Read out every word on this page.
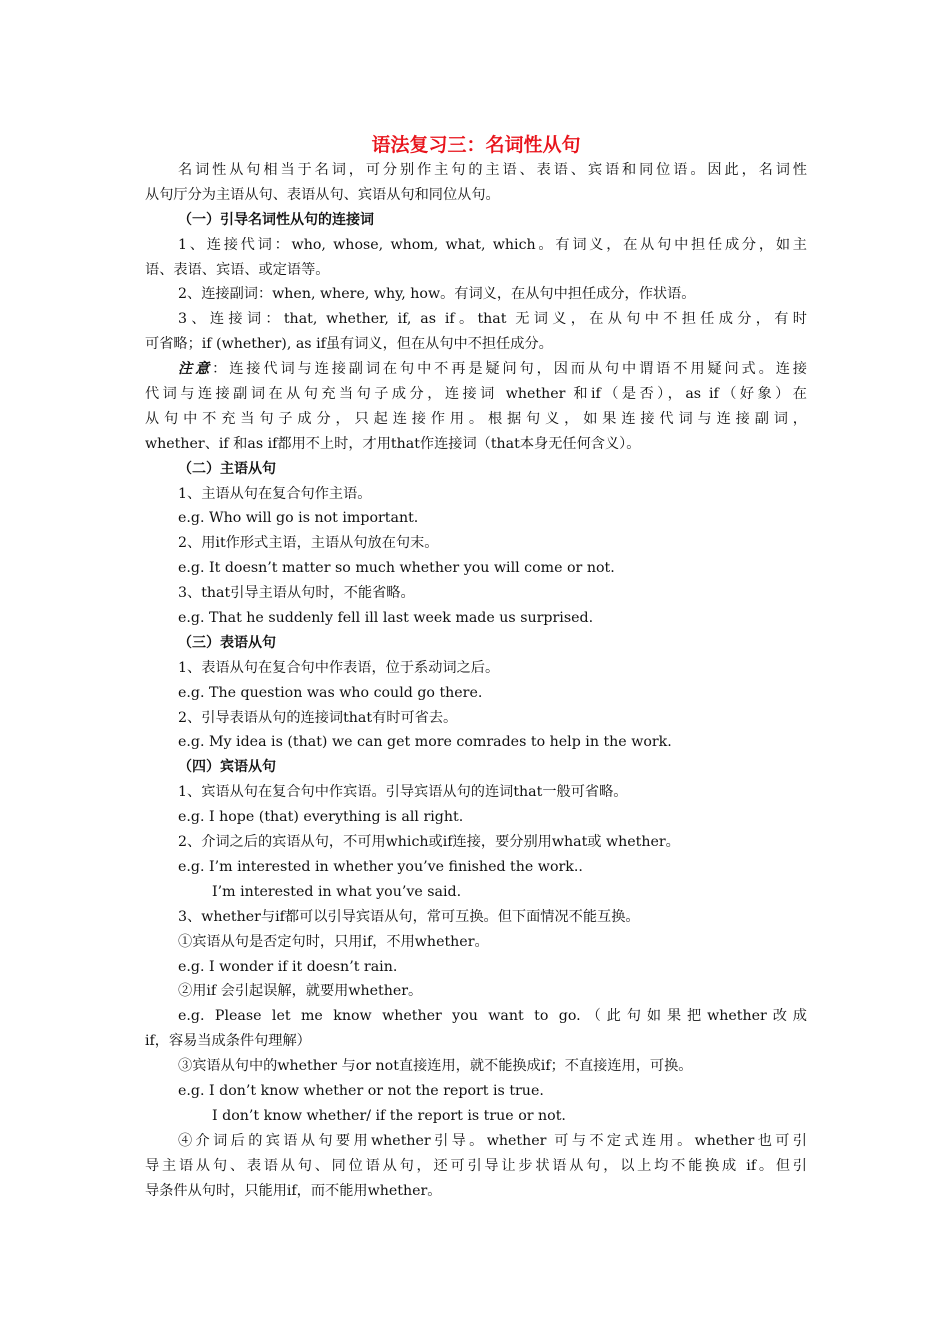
语法复习三：名词性从句
名词性从句相当于名词，可分别作主句的主语、表语、宾语和同位语。因此，名词性
从句厅分为主语从句、表语从句、宾语从句和同位从句。
（一）引导名词性从句的连接词
1、连接代词：who, whose, whom, what, which。有词义，在从句中担任成分，如主
语、表语、宾语、或定语等。
2、连接副词：when, where, why, how。有词义，在从句中担任成分，作状语。
3、连接词：that, whether, if, as if。that 无词义，在从句中不担任成分，有时
可省略；if (whether), as if虽有词义，但在从句中不担任成分。
注意：连接代词与连接副词在句中不再是疑问句，因而从句中谓语不用疑问式。连接
代词与连接副词在从句充当句子成分，连接词 whether 和if（是否），as if（好象）在
从句中不充当句子成分，只起连接作用。根据句义，如果连接代词与连接副词，
whether、if 和as if都用不上时，才用that作连接词（that本身无任何含义）。
（二）主语从句
1、主语从句在复合句作主语。
e.g. Who will go is not important.
2、用it作形式主语，主语从句放在句末。
e.g. It doesn’t matter so much whether you will come or not.
3、that引导主语从句时，不能省略。
e.g. That he suddenly fell ill last week made us surprised.
（三）表语从句
1、表语从句在复合句中作表语，位于系动词之后。
e.g. The question was who could go there.
2、引导表语从句的连接词that有时可省去。
e.g. My idea is (that) we can get more comrades to help in the work.
（四）宾语从句
1、宾语从句在复合句中作宾语。引导宾语从句的连词that一般可省略。
e.g. I hope (that) everything is all right.
2、介词之后的宾语从句，不可用which或if连接，要分别用what或 whether。
e.g. I’m interested in whether you’ve finished the work..
I’m interested in what you’ve said.
3、whether与if都可以引导宾语从句，常可互换。但下面情况不能互换。
①宾语从句是否定句时，只用if，不用whether。
e.g. I wonder if it doesn’t rain.
②用if 会引起误解，就要用whether。
e.g. Please let me know whether you want to go.（此句如果把whether改成
if，容易当成条件句理解）
③宾语从句中的whether 与or not直接连用，就不能换成if；不直接连用，可换。
e.g. I don’t know whether or not the report is true.
I don’t know whether/ if the report is true or not.
④介词后的宾语从句要用whether引导。whether 可与不定式连用。whether也可引
导主语从句、表语从句、同位语从句，还可引导让步状语从句，以上均不能换成 if。但引
导条件从句时，只能用if，而不能用whether。
